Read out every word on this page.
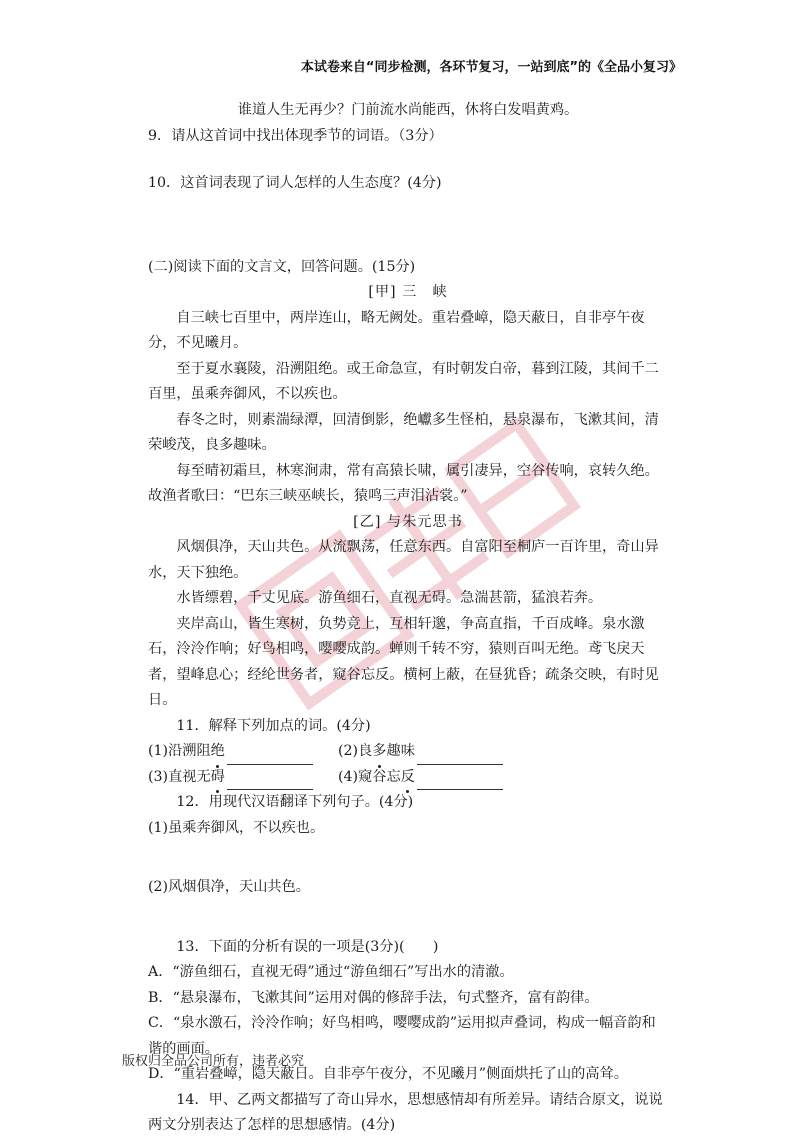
本试卷来自“同步检测，各环节复习，一站到底”的《全品小复习》

谁道人生无再少？门前流水尚能西，休将白发唱黄鸡。

9．请从这首词中找出体现季节的词语。（3分）

10．这首词表现了词人怎样的人生态度？(4分)

(二)阅读下面的文言文，回答问题。(15分)

[甲] 三　峡

自三峡七百里中，两岸连山，略无阙处。重岩叠嶂，隐天蔽日，自非亭午夜分，不见曦月。

至于夏水襄陵，沿溯阻绝。或王命急宣，有时朝发白帝，暮到江陵，其间千二百里，虽乘奔御风，不以疾也。

春冬之时，则素湍绿潭，回清倒影，绝巘多生怪柏，悬泉瀑布，飞漱其间，清荣峻茂，良多趣味。

每至晴初霜旦，林寒涧肃，常有高猿长啸，属引凄异，空谷传响，哀转久绝。故渔者歌曰：“巴东三峡巫峡长，猿鸣三声泪沾裳。”

[乙] 与朱元思书

风烟俱净，天山共色。从流飘荡，任意东西。自富阳至桐庐一百许里，奇山异水，天下独绝。

水皆缥碧，千丈见底。游鱼细石，直视无碍。急湍甚箭，猛浪若奔。

夹岸高山，皆生寒树，负势竞上，互相轩邈，争高直指，千百成峰。泉水激石，泠泠作响；好鸟相鸣，嘤嘤成韵。蝉则千转不穷，猿则百叫无绝。鸢飞戾天者，望峰息心；经纶世务者，窥谷忘反。横柯上蔽，在昼犹昏；疏条交映，有时见日。

11．解释下列加点的词。(4分)

(1)沿溯阻 绝	(2)良 多 趣味
(3)直视无 碍	(4)窥谷忘 反

12．用现代汉语翻译下列句子。(4分)

(1)虽乘奔御风，不以疾也。

(2)风烟俱净，天山共色。

13．下面的分析有误的一项是(3分)(　　)

A．“游鱼细石，直视无碍”通过“游鱼细石”写出水的清澈。

B．“悬泉瀑布，飞漱其间”运用对偶的修辞手法，句式整齐，富有韵律。

C．“泉水激石，泠泠作响；好鸟相鸣，嘤嘤成韵”运用拟声叠词，构成一幅音韵和谐的画面。

D．“重岩叠嶂，隐天蔽日。自非亭午夜分，不见曦月”侧面烘托了山的高耸。

14．甲、乙两文都描写了奇山异水，思想感情却有所差异。请结合原文，说说两文分别表达了怎样的思想感情。(4分)

版权归全品公司所有，违者必究
